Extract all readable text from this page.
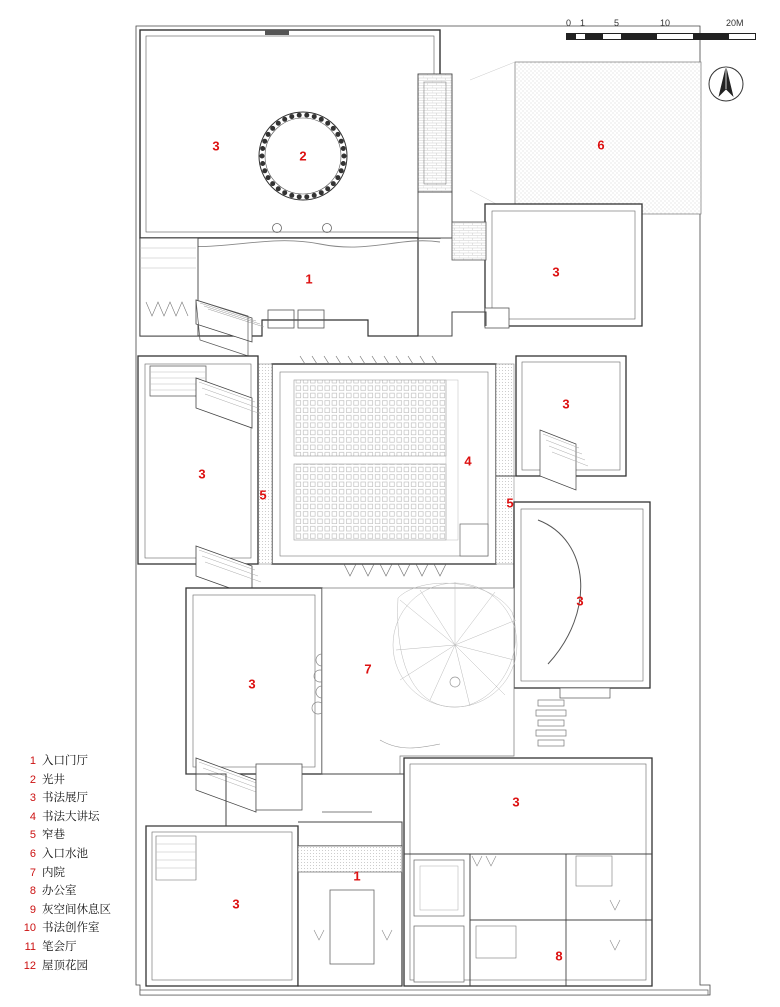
0 1	5	10	20M
1 入口门厅
2 光井
3 书法展厅
4 书法大讲坛
5 窄巷
6 入口水池
7 内院
8 办公室
9 灰空间休息区
10 书法创作室
11 笔会厅
12 屋顶花园
3
2
1
6
3
3
3
5
4
5
3
3
7
3
3
1
8
